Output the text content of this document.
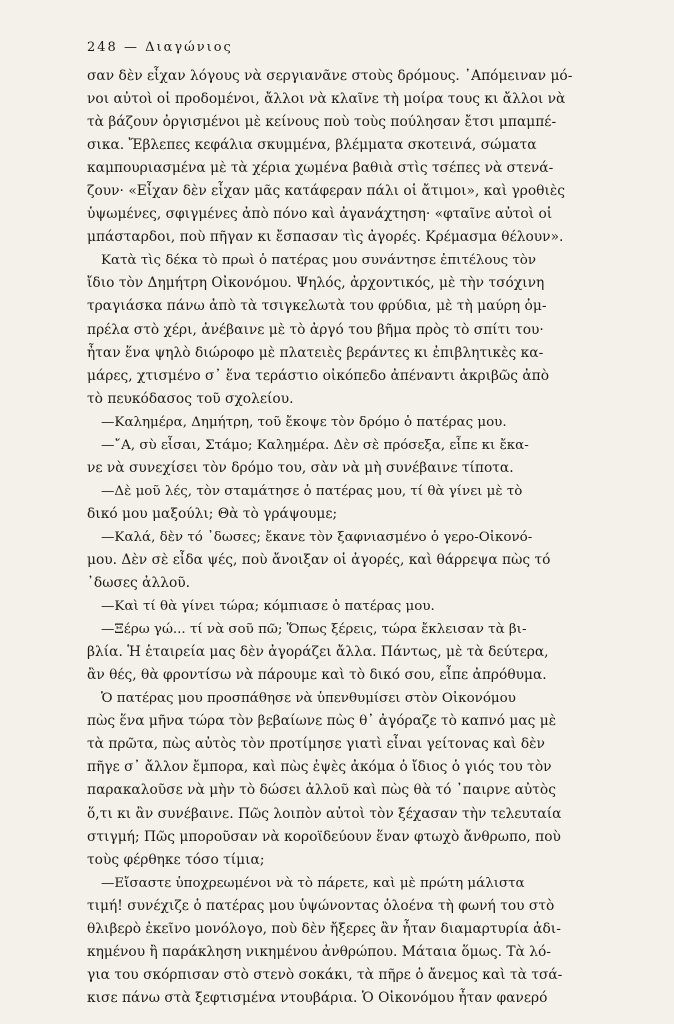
248 — Διαγώνιος
σαν δὲν εἶχαν λόγους νὰ σεργιανᾶνε στοὺς δρόμους. ᾿Απόμειναν μό-
νοι αὐτοὶ οἱ προδομένοι, ἄλλοι νὰ κλαῖνε τὴ μοίρα τους κι ἄλλοι νὰ
τὰ βάζουν ὀργισμένοι μὲ κείνους ποὺ τοὺς πούλησαν ἔτσι μπαμπέ-
σικα. Ἔβλεπες κεφάλια σκυμμένα, βλέμματα σκοτεινά, σώματα
καμπουριασμένα μὲ τὰ χέρια χωμένα βαθιὰ στὶς τσέπες νὰ στενά-
ζουν· «Εἶχαν δὲν εἶχαν μᾶς κατάφεραν πάλι οἱ ἄτιμοι», καὶ γροθιὲς
ὑψωμένες, σφιγμένες ἀπὸ πόνο καὶ ἀγανάχτηση· «φταῖνε αὐτοὶ οἱ
μπάσταρδοι, ποὺ πῆγαν κι ἔσπασαν τὶς ἀγορές. Κρέμασμα θέλουν».
Κατὰ τὶς δέκα τὸ πρωὶ ὁ πατέρας μου συνάντησε ἐπιτέλους τὸν
ἴδιο τὸν Δημήτρη Οἰκονόμου. Ψηλός, ἀρχοντικός, μὲ τὴν τσόχινη
τραγιάσκα πάνω ἀπὸ τὰ τσιγκελωτὰ του φρύδια, μὲ τὴ μαύρη ὀμ-
πρέλα στὸ χέρι, ἀνέβαινε μὲ τὸ ἀργό του βῆμα πρὸς τὸ σπίτι του·
ἦταν ἕνα ψηλὸ διώροφο μὲ πλατειὲς βεράντες κι ἐπιβλητικὲς κα-
μάρες, χτισμένο σ᾿ ἕνα τεράστιο οἰκόπεδο ἀπέναντι ἀκριβῶς ἀπὸ
τὸ πευκόδασος τοῦ σχολείου.
—Καλημέρα, Δημήτρη, τοῦ ἔκοψε τὸν δρόμο ὁ πατέρας μου.
—῎Α, σὺ εἶσαι, Στάμο; Καλημέρα. Δὲν σὲ πρόσεξα, εἶπε κι ἔκα-
νε νὰ συνεχίσει τὸν δρόμο του, σὰν νὰ μὴ συνέβαινε τίποτα.
—Δὲ μοῦ λές, τὸν σταμάτησε ὁ πατέρας μου, τί θὰ γίνει μὲ τὸ
δικό μου μαξούλι; Θὰ τὸ γράψουμε;
—Καλά, δὲν τό ᾿δωσες; ἔκανε τὸν ξαφνιασμένο ὁ γερο-Οἰκονό-
μου. Δὲν σὲ εἶδα ψές, ποὺ ἄνοιξαν οἱ ἀγορές, καὶ θάρρεψα πὼς τό
᾿δωσες ἀλλοῦ.
—Καὶ τί θὰ γίνει τώρα; κόμπιασε ὁ πατέρας μου.
—Ξέρω γώ... τί νὰ σοῦ πῶ; Ὅπως ξέρεις, τώρα ἔκλεισαν τὰ βι-
βλία. Ἡ ἑταιρεία μας δὲν ἀγοράζει ἄλλα. Πάντως, μὲ τὰ δεύτερα,
ἂν θές, θὰ φροντίσω νὰ πάρουμε καὶ τὸ δικό σου, εἶπε ἀπρόθυμα.
Ὁ πατέρας μου προσπάθησε νὰ ὑπενθυμίσει στὸν Οἰκονόμου
πὼς ἕνα μῆνα τώρα τὸν βεβαίωνε πὼς θ᾿ ἀγόραζε τὸ καπνό μας μὲ
τὰ πρῶτα, πὼς αὐτὸς τὸν προτίμησε γιατὶ εἶναι γείτονας καὶ δὲν
πῆγε σ᾿ ἄλλον ἔμπορα, καὶ πὼς ἐψὲς ἀκόμα ὁ ἴδιος ὁ γιός του τὸν
παρακαλοῦσε νὰ μὴν τὸ δώσει ἀλλοῦ καὶ πὼς θὰ τό ᾿παιρνε αὐτὸς
ὅ,τι κι ἂν συνέβαινε. Πῶς λοιπὸν αὐτοὶ τὸν ξέχασαν τὴν τελευταία
στιγμή; Πῶς μποροῦσαν νὰ κοροϊδεύουν ἕναν φτωχὸ ἄνθρωπο, ποὺ
τοὺς φέρθηκε τόσο τίμια;
—Εἴσαστε ὑποχρεωμένοι νὰ τὸ πάρετε, καὶ μὲ πρώτη μάλιστα
τιμή! συνέχιζε ὁ πατέρας μου ὑψώνοντας ὁλοένα τὴ φωνή του στὸ
θλιβερὸ ἐκεῖνο μονόλογο, ποὺ δὲν ἤξερες ἂν ἦταν διαμαρτυρία ἀδι-
κημένου ἢ παράκληση νικημένου ἀνθρώπου. Μάταια ὅμως. Τὰ λό-
για του σκόρπισαν στὸ στενὸ σοκάκι, τὰ πῆρε ὁ ἄνεμος καὶ τὰ τσά-
κισε πάνω στὰ ξεφτισμένα ντουβάρια. Ὁ Οἰκονόμου ἦταν φανερό
